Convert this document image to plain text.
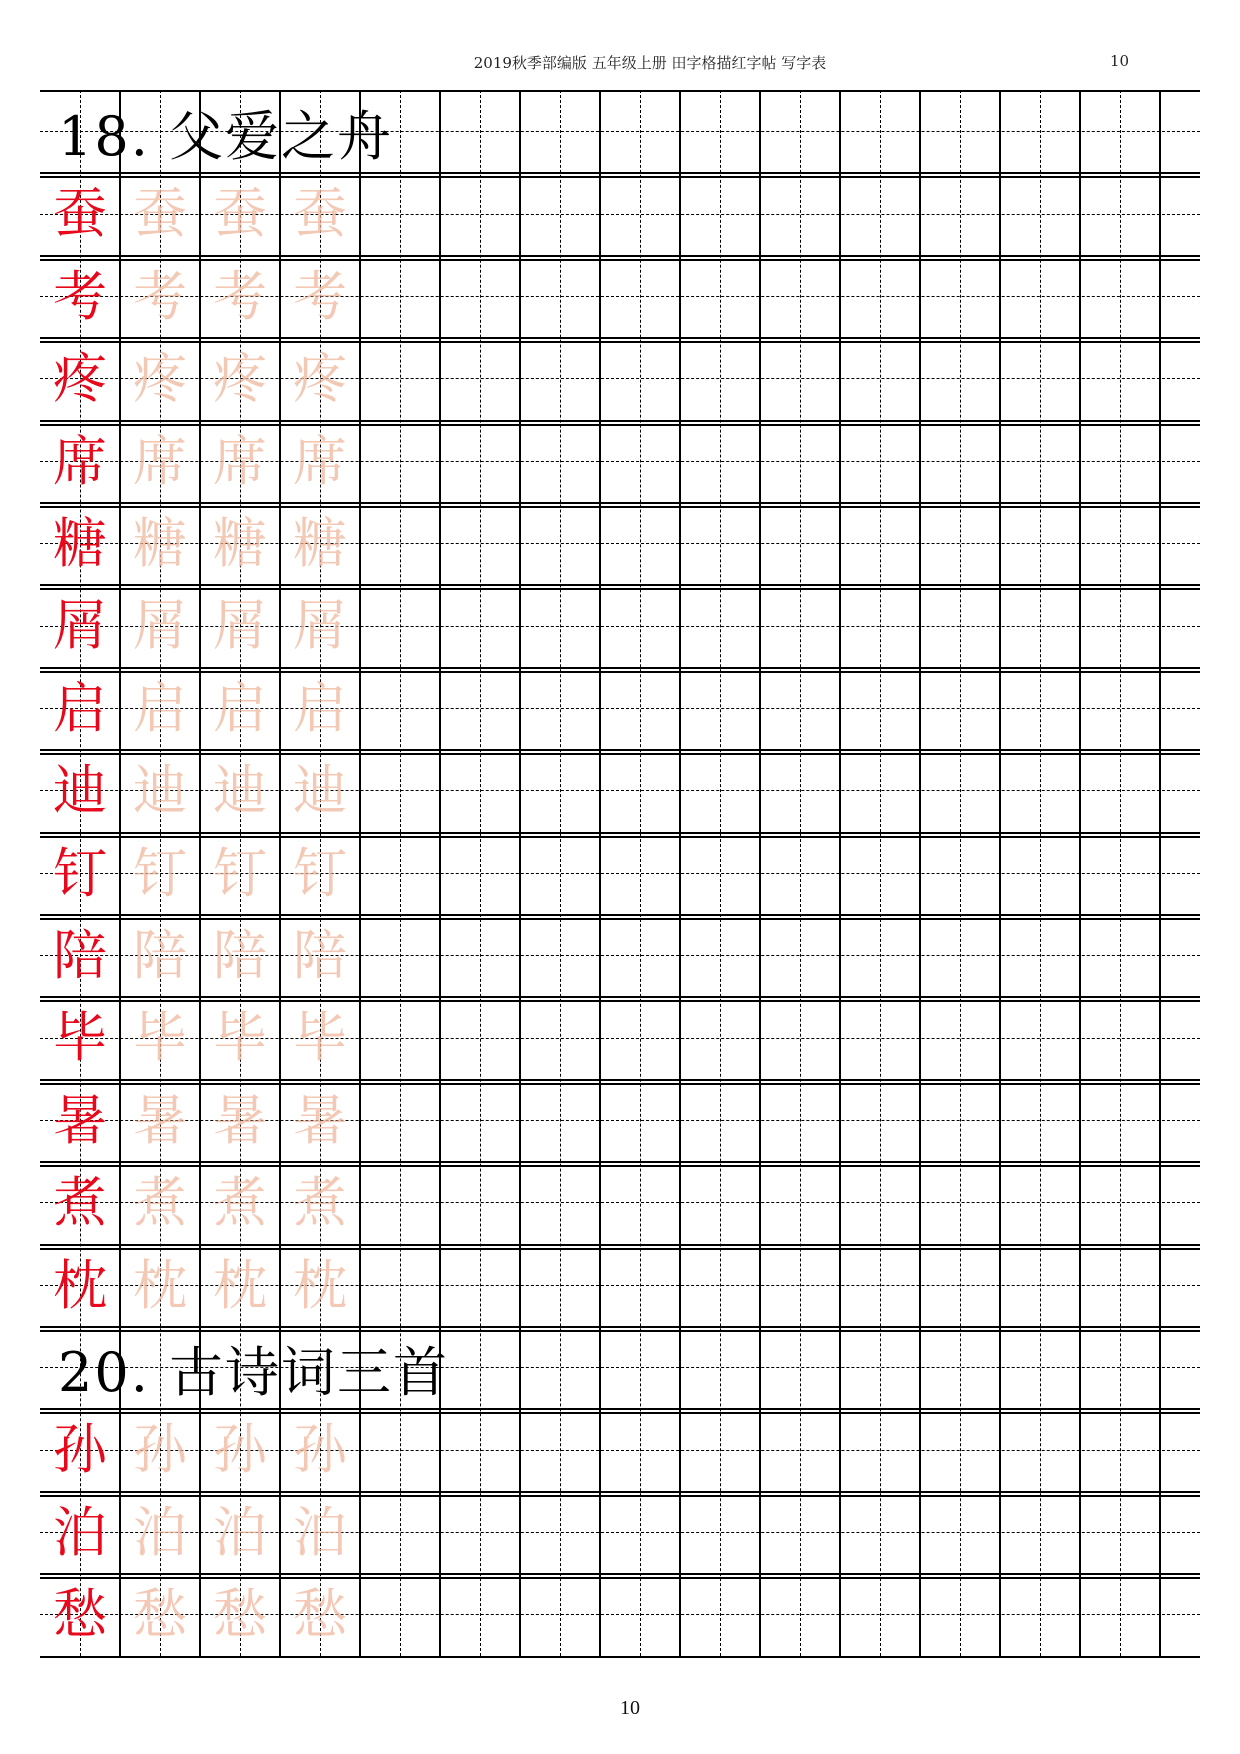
2019秋季部编版 五年级上册 田字格描红字帖 写字表	10
18. 父爱之舟
蚕 蚕 蚕 蚕
考 考 考 考
疼 疼 疼 疼
席 席 席 席
糖 糖 糖 糖
屑 屑 屑 屑
启 启 启 启
迪 迪 迪 迪
钉 钉 钉 钉
陪 陪 陪 陪
毕 毕 毕 毕
暑 暑 暑 暑
煮 煮 煮 煮
枕 枕 枕 枕
20. 古诗词三首
孙 孙 孙 孙
泊 泊 泊 泊
愁 愁 愁 愁
10
